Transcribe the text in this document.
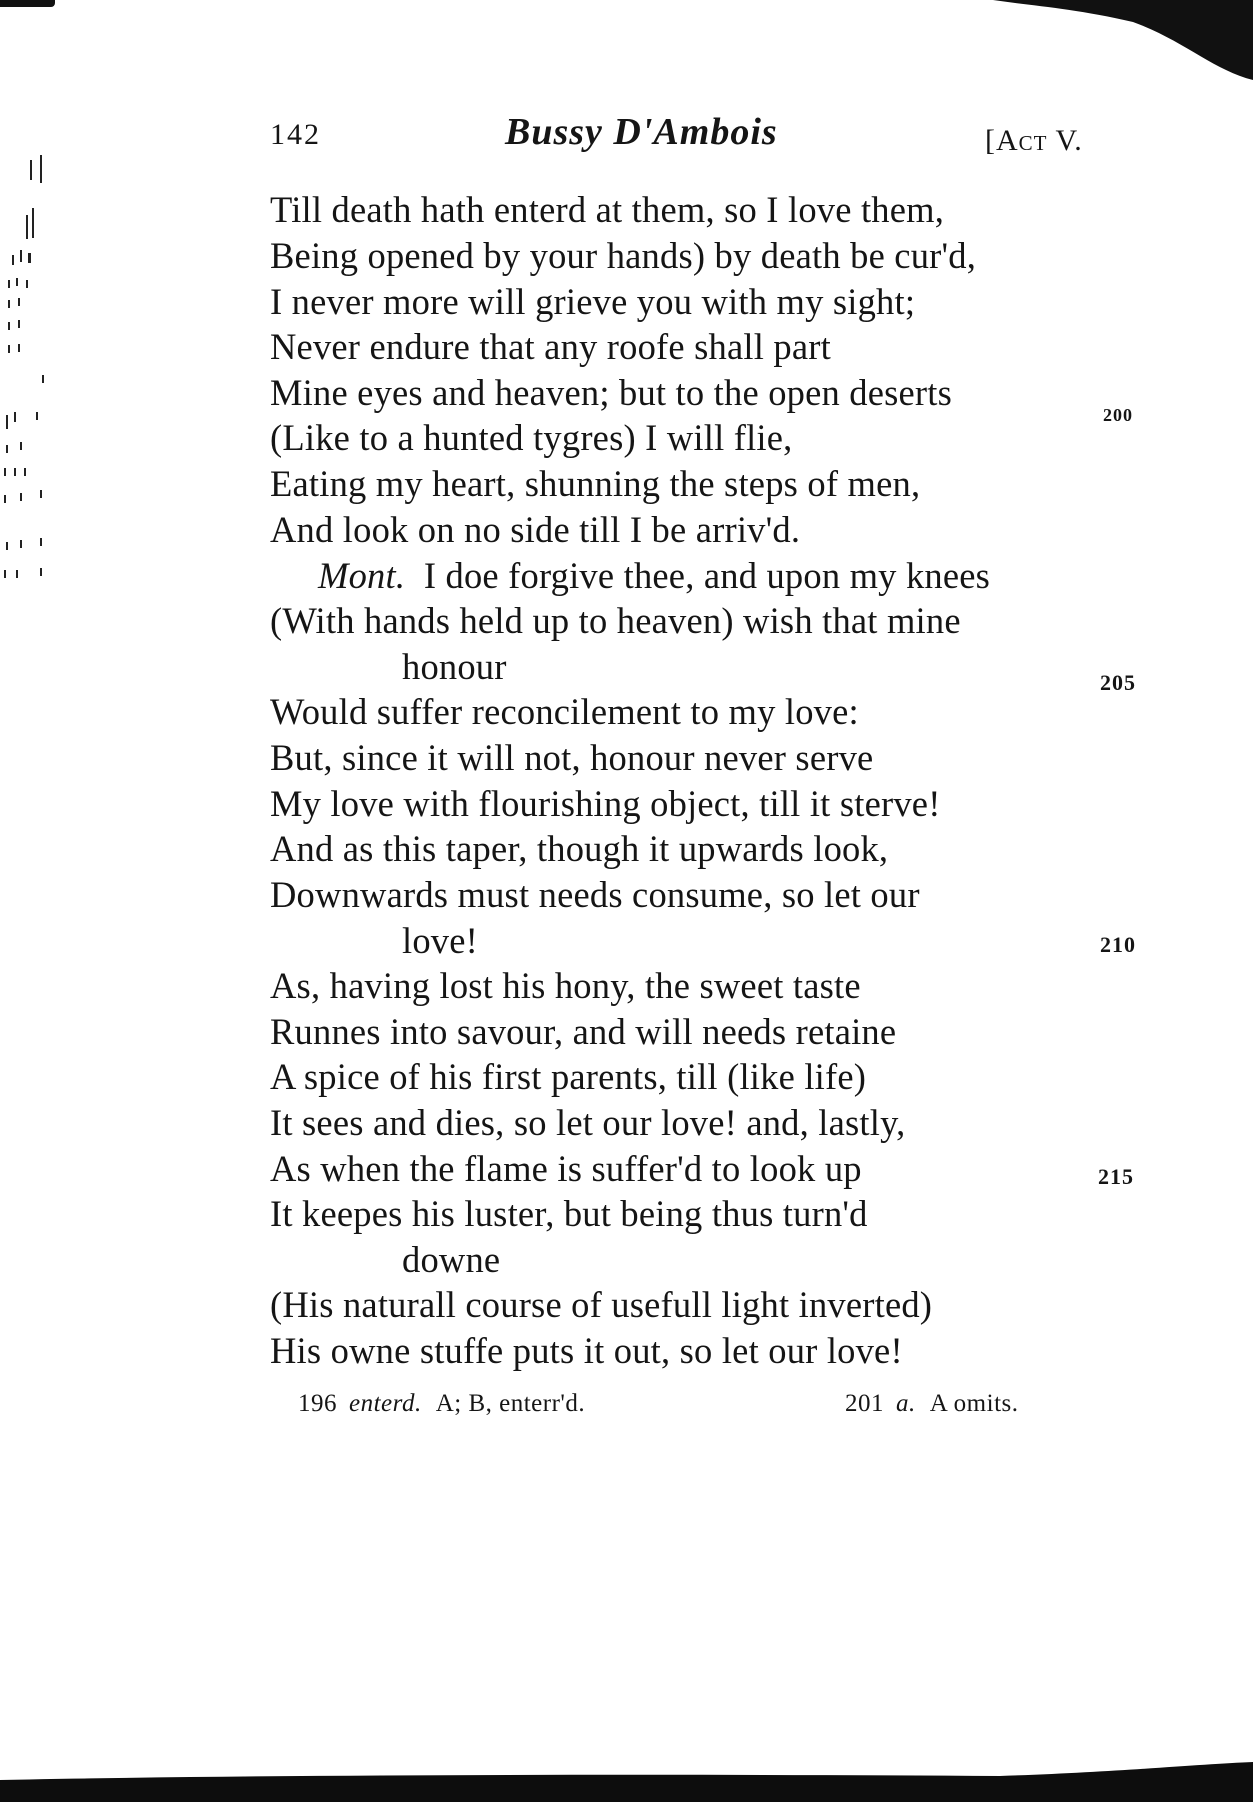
142	Bussy D'Ambois	[Act V.
Till death hath enterd at them, so I love them,
Being opened by your hands) by death be cur'd,
I never more will grieve you with my sight;
Never endure that any roofe shall part
Mine eyes and heaven; but to the open deserts
200
(Like to a hunted tygres) I will flie,
Eating my heart, shunning the steps of men,
And look on no side till I be arriv'd.
Mont. I doe forgive thee, and upon my knees
(With hands held up to heaven) wish that mine
honour	205
Would suffer reconcilement to my love:
But, since it will not, honour never serve
My love with flourishing object, till it sterve!
And as this taper, though it upwards look,
Downwards must needs consume, so let our
love!	210
As, having lost his hony, the sweet taste
Runnes into savour, and will needs retaine
A spice of his first parents, till (like life)
It sees and dies, so let our love! and, lastly,
As when the flame is suffer'd to look up	215
It keepes his luster, but being thus turn'd
downe
(His naturall course of usefull light inverted)
His owne stuffe puts it out, so let our love!
196 enterd. A; B, enterr'd.	201 a. A omits.
